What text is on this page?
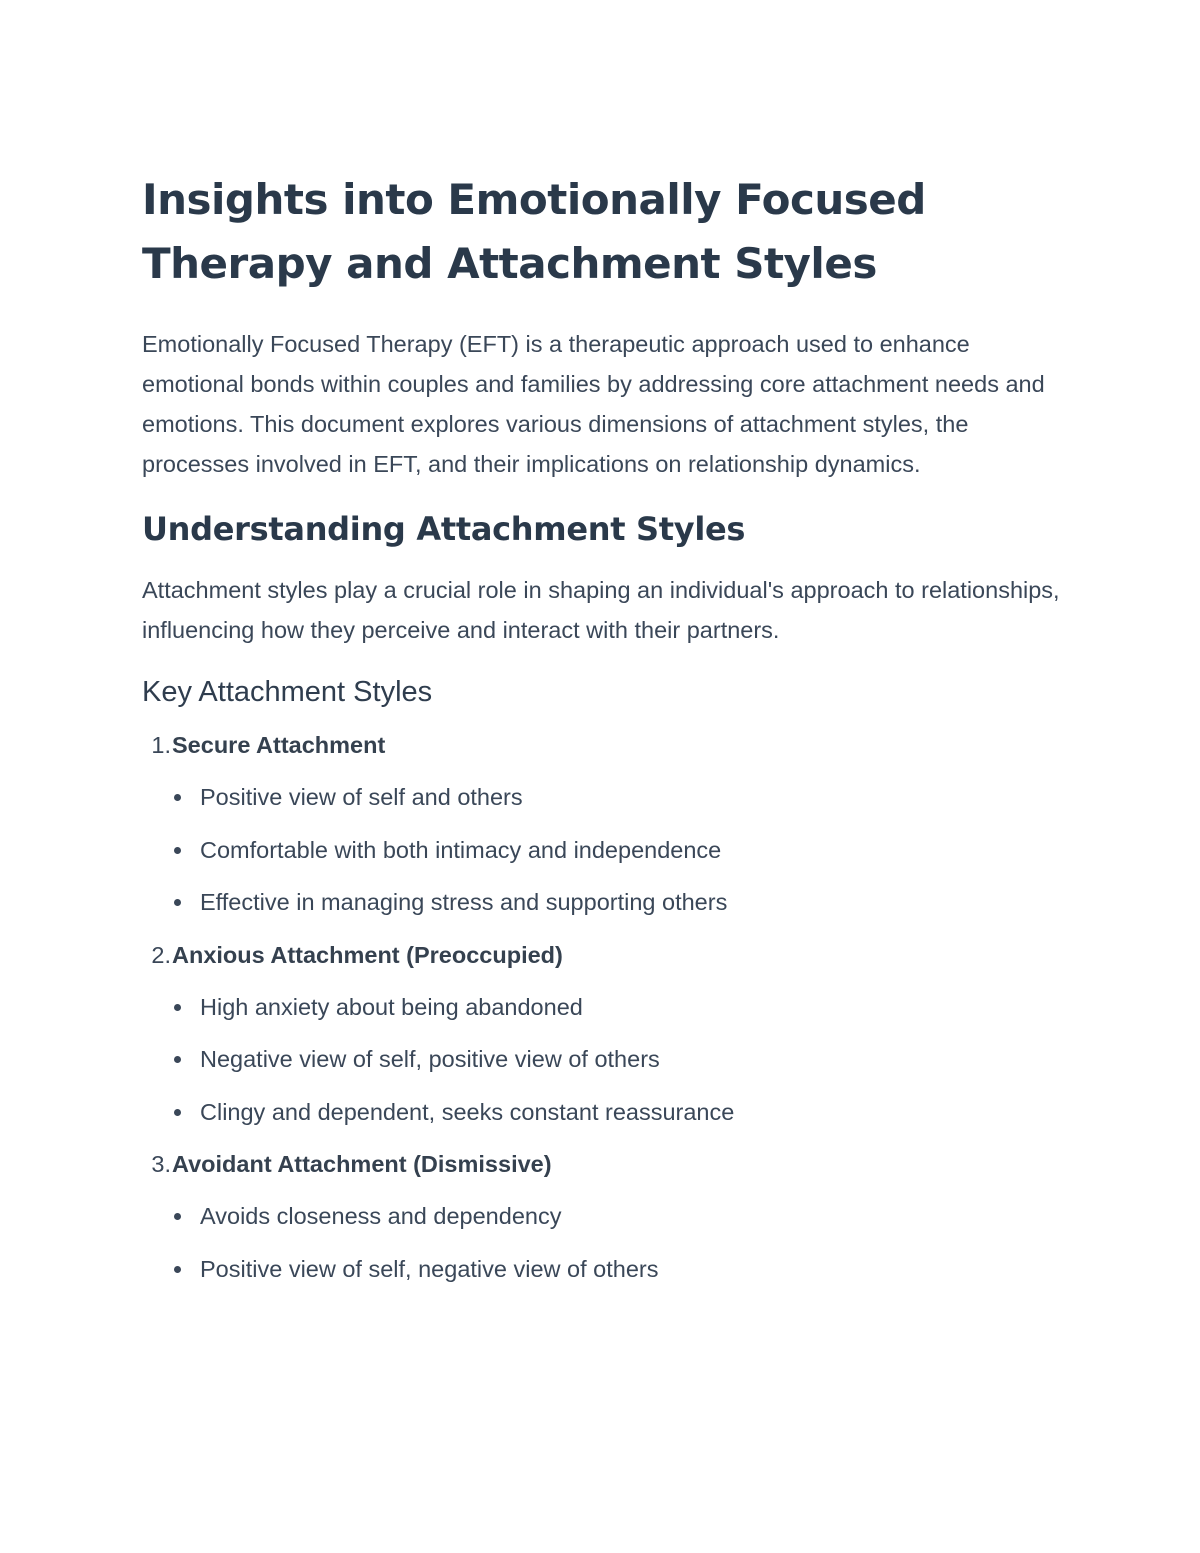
Insights into Emotionally Focused Therapy and Attachment Styles

Emotionally Focused Therapy (EFT) is a therapeutic approach used to enhance emotional bonds within couples and families by addressing core attachment needs and emotions. This document explores various dimensions of attachment styles, the processes involved in EFT, and their implications on relationship dynamics.

Understanding Attachment Styles

Attachment styles play a crucial role in shaping an individual's approach to relationships, influencing how they perceive and interact with their partners.

Key Attachment Styles
1. Secure Attachment
Positive view of self and others
Comfortable with both intimacy and independence
Effective in managing stress and supporting others
2. Anxious Attachment (Preoccupied)
High anxiety about being abandoned
Negative view of self, positive view of others
Clingy and dependent, seeks constant reassurance
3. Avoidant Attachment (Dismissive)
Avoids closeness and dependency
Positive view of self, negative view of others
